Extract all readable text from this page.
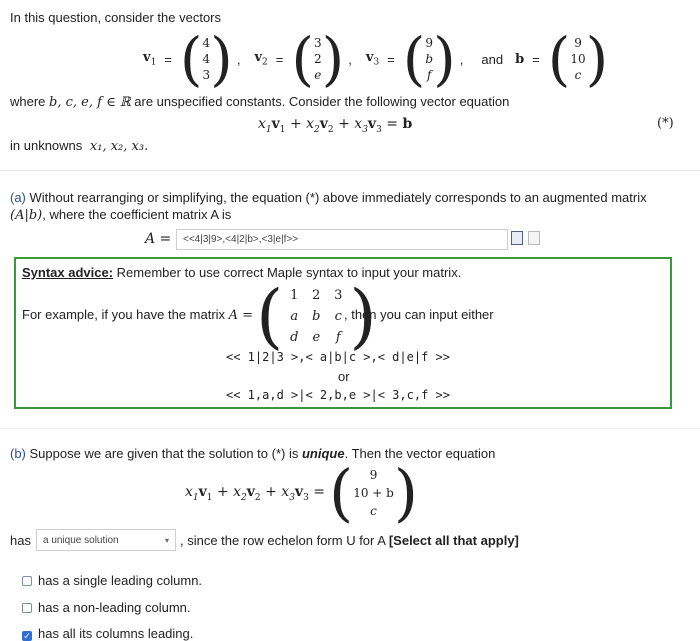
In this question, consider the vectors
$v_1$ = ( 4
4
3 ) , $v_2$ = ( 3
2
e ) , $v_3$ = ( 9
b
f ) , and b = ( 9
10
c )
where b, c, e, f ∈ ℝ are unspecified constants. Consider the following vector equation
$x_1v_1 + x_2v_2 + x_3v_3 = b$	(*)
in unknowns x₁, x₂, x₃.
(a) Without rearranging or simplifying, the equation (*) above immediately corresponds to an augmented matrix
(A|b), where the coefficient matrix A is
A =	<<4|3|9>,<4|2|b>,<3|e|f>>
Syntax advice: Remember to use correct Maple syntax to input your matrix.
For example, if you have the matrix A = ( 1	2	3
a	b	c
d	e	f )
, then you can input either
<< 1|2|3 >,< a|b|c >,< d|e|f >>
or
<< 1,a,d >|< 2,b,e >|< 3,c,f >>
(b) Suppose we are given that the solution to (*) is unique. Then the vector equation
$x_1v_1 + x_2v_2 + x_3v_3$ = ( 9
10 + b
c )
has a unique solution	▾ , since the row echelon form U for A [Select all that apply]
has a single leading column.
has a non-leading column.
✓ has all its columns leading.
